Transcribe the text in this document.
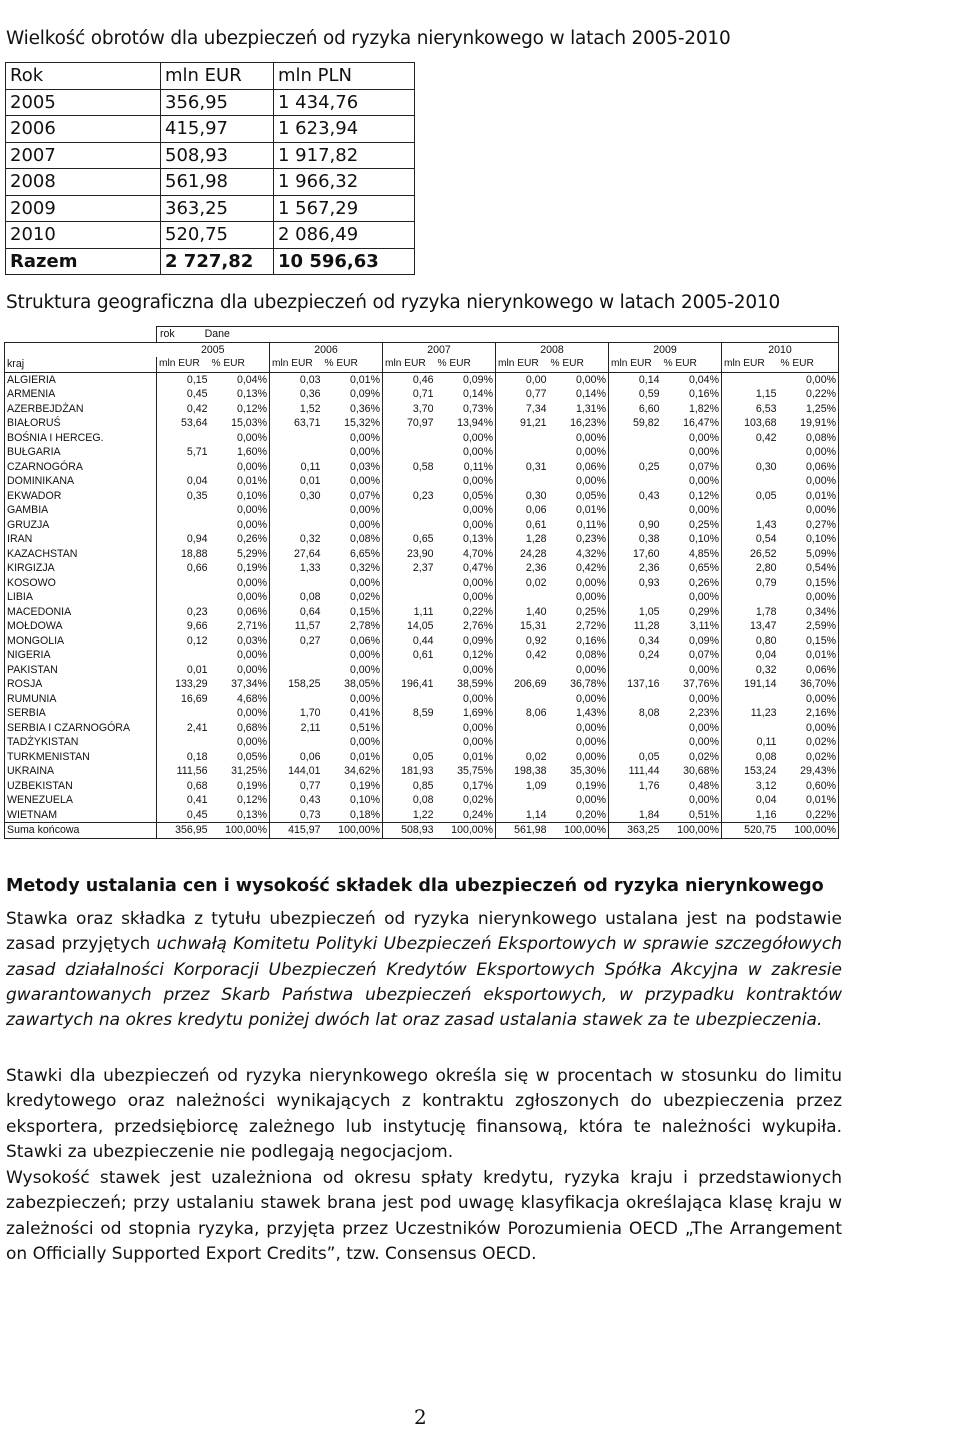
Wielkość obrotów dla ubezpieczeń od ryzyka nierynkowego w latach 2005-2010
Rok	mln EUR	mln PLN
2005	356,95	1 434,76
2006	415,97	1 623,94
2007	508,93	1 917,82
2008	561,98	1 966,32
2009	363,25	1 567,29
2010	520,75	2 086,49
Razem	2 727,82	10 596,63
Struktura geograficzna dla ubezpieczeń od ryzyka nierynkowego w latach 2005-2010
	rok Dane											
	2005		2006		2007		2008		2009		2010	
kraj	mln EUR	% EUR	mln EUR	% EUR	mln EUR	% EUR	mln EUR	% EUR	mln EUR	% EUR	mln EUR	% EUR
ALGIERIA	0,15	0,04%	0,03	0,01%	0,46	0,09%	0,00	0,00%	0,14	0,04%		0,00%
ARMENIA	0,45	0,13%	0,36	0,09%	0,71	0,14%	0,77	0,14%	0,59	0,16%	1,15	0,22%
AZERBEJDŻAN	0,42	0,12%	1,52	0,36%	3,70	0,73%	7,34	1,31%	6,60	1,82%	6,53	1,25%
BIAŁORUŚ	53,64	15,03%	63,71	15,32%	70,97	13,94%	91,21	16,23%	59,82	16,47%	103,68	19,91%
BOŚNIA I HERCEG.		0,00%		0,00%		0,00%		0,00%		0,00%	0,42	0,08%
BUŁGARIA	5,71	1,60%		0,00%		0,00%		0,00%		0,00%		0,00%
CZARNOGÓRA		0,00%	0,11	0,03%	0,58	0,11%	0,31	0,06%	0,25	0,07%	0,30	0,06%
DOMINIKANA	0,04	0,01%	0,01	0,00%		0,00%		0,00%		0,00%		0,00%
EKWADOR	0,35	0,10%	0,30	0,07%	0,23	0,05%	0,30	0,05%	0,43	0,12%	0,05	0,01%
GAMBIA		0,00%		0,00%		0,00%	0,06	0,01%		0,00%		0,00%
GRUZJA		0,00%		0,00%		0,00%	0,61	0,11%	0,90	0,25%	1,43	0,27%
IRAN	0,94	0,26%	0,32	0,08%	0,65	0,13%	1,28	0,23%	0,38	0,10%	0,54	0,10%
KAZACHSTAN	18,88	5,29%	27,64	6,65%	23,90	4,70%	24,28	4,32%	17,60	4,85%	26,52	5,09%
KIRGIZJA	0,66	0,19%	1,33	0,32%	2,37	0,47%	2,36	0,42%	2,36	0,65%	2,80	0,54%
KOSOWO		0,00%		0,00%		0,00%	0,02	0,00%	0,93	0,26%	0,79	0,15%
LIBIA		0,00%	0,08	0,02%		0,00%		0,00%		0,00%		0,00%
MACEDONIA	0,23	0,06%	0,64	0,15%	1,11	0,22%	1,40	0,25%	1,05	0,29%	1,78	0,34%
MOŁDOWA	9,66	2,71%	11,57	2,78%	14,05	2,76%	15,31	2,72%	11,28	3,11%	13,47	2,59%
MONGOLIA	0,12	0,03%	0,27	0,06%	0,44	0,09%	0,92	0,16%	0,34	0,09%	0,80	0,15%
NIGERIA		0,00%		0,00%	0,61	0,12%	0,42	0,08%	0,24	0,07%	0,04	0,01%
PAKISTAN	0,01	0,00%		0,00%		0,00%		0,00%		0,00%	0,32	0,06%
ROSJA	133,29	37,34%	158,25	38,05%	196,41	38,59%	206,69	36,78%	137,16	37,76%	191,14	36,70%
RUMUNIA	16,69	4,68%		0,00%		0,00%		0,00%		0,00%		0,00%
SERBIA		0,00%	1,70	0,41%	8,59	1,69%	8,06	1,43%	8,08	2,23%	11,23	2,16%
SERBIA I CZARNOGÓRA	2,41	0,68%	2,11	0,51%		0,00%		0,00%		0,00%		0,00%
TADŻYKISTAN		0,00%		0,00%		0,00%		0,00%		0,00%	0,11	0,02%
TURKMENISTAN	0,18	0,05%	0,06	0,01%	0,05	0,01%	0,02	0,00%	0,05	0,02%	0,08	0,02%
UKRAINA	111,56	31,25%	144,01	34,62%	181,93	35,75%	198,38	35,30%	111,44	30,68%	153,24	29,43%
UZBEKISTAN	0,68	0,19%	0,77	0,19%	0,85	0,17%	1,09	0,19%	1,76	0,48%	3,12	0,60%
WENEZUELA	0,41	0,12%	0,43	0,10%	0,08	0,02%		0,00%		0,00%	0,04	0,01%
WIETNAM	0,45	0,13%	0,73	0,18%	1,22	0,24%	1,14	0,20%	1,84	0,51%	1,16	0,22%
Suma końcowa	356,95	100,00%	415,97	100,00%	508,93	100,00%	561,98	100,00%	363,25	100,00%	520,75	100,00%
Metody ustalania cen i wysokość składek dla ubezpieczeń od ryzyka nierynkowego
Stawka oraz składka z tytułu ubezpieczeń od ryzyka nierynkowego ustalana jest na podstawie zasad przyjętych uchwałą Komitetu Polityki Ubezpieczeń Eksportowych w sprawie szczegółowych zasad działalności Korporacji Ubezpieczeń Kredytów Eksportowych Spółka Akcyjna w zakresie gwarantowanych przez Skarb Państwa ubezpieczeń eksportowych, w przypadku kontraktów zawartych na okres kredytu poniżej dwóch lat oraz zasad ustalania stawek za te ubezpieczenia.
Stawki dla ubezpieczeń od ryzyka nierynkowego określa się w procentach w stosunku do limitu kredytowego oraz należności wynikających z kontraktu zgłoszonych do ubezpieczenia przez eksportera, przedsiębiorcę zależnego lub instytucję finansową, która te należności wykupiła. Stawki za ubezpieczenie nie podlegają negocjacjom.
Wysokość stawek jest uzależniona od okresu spłaty kredytu, ryzyka kraju i przedstawionych zabezpieczeń; przy ustalaniu stawek brana jest pod uwagę klasyfikacja określająca klasę kraju w zależności od stopnia ryzyka, przyjęta przez Uczestników Porozumienia OECD „The Arrangement on Officially Supported Export Credits”, tzw. Consensus OECD.
2
